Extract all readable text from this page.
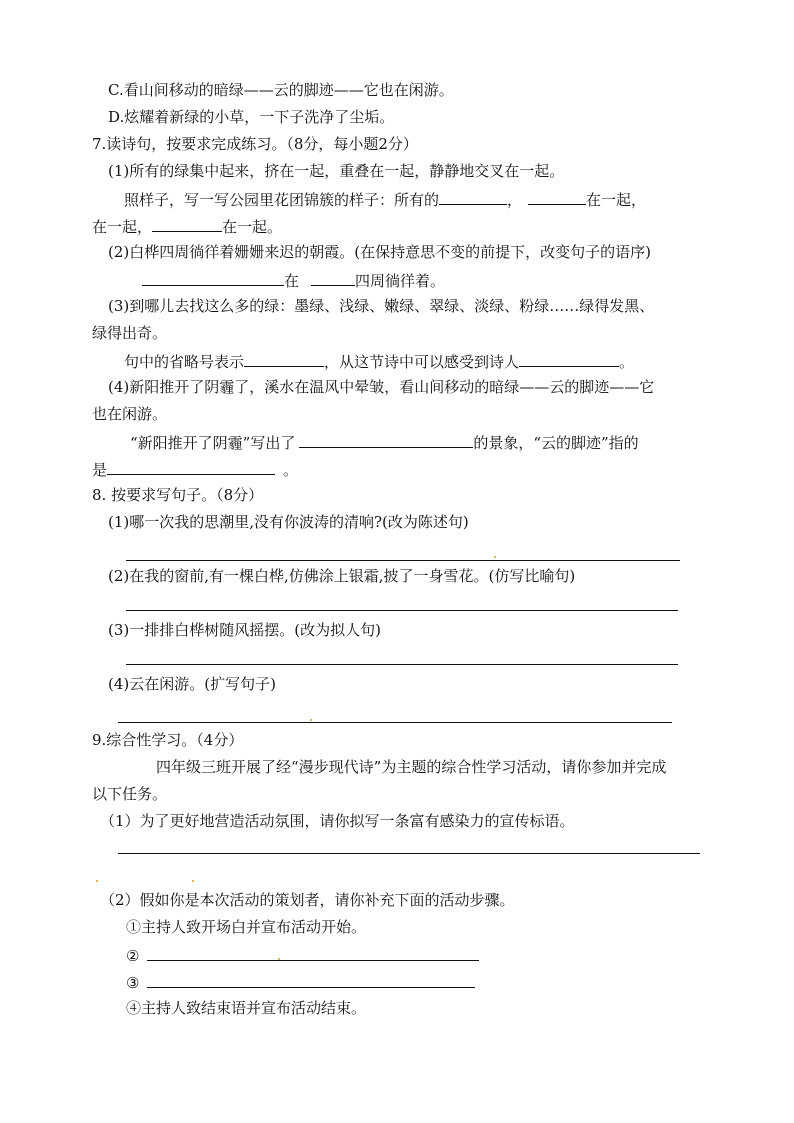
C.看山间移动的暗绿——云的脚迹——它也在闲游。
D.炫耀着新绿的小草，一下子洗净了尘垢。
7.读诗句，按要求完成练习。（8分，每小题2分）
(1)所有的绿集中起来，挤在一起，重叠在一起，静静地交叉在一起。
照样子，写一写公园里花团锦簇的样子：所有的	，	在一起，
在一起，	在一起。
(2)白桦四周徜徉着姗姗来迟的朝霞。(在保持意思不变的前提下，改变句子的语序)
在	四周徜徉着。
(3)到哪儿去找这么多的绿：墨绿、浅绿、嫩绿、翠绿、淡绿、粉绿……绿得发黑、
绿得出奇。
句中的省略号表示	，从这节诗中可以感受到诗人	。
(4)新阳推开了阴霾了，溪水在温风中晕皱，看山间移动的暗绿——云的脚迹——它
也在闲游。
“新阳推开了阴霾”写出了	的景象，“云的脚迹”指的
是	。
8. 按要求写句子。（8分）
(1)哪一次我的思潮里,没有你波涛的清响?(改为陈述句)
(2)在我的窗前,有一棵白桦,仿佛涂上银霜,披了一身雪花。(仿写比喻句)
(3)一排排白桦树随风摇摆。(改为拟人句)
(4)云在闲游。(扩写句子)
9.综合性学习。（4分）
四年级三班开展了经“漫步现代诗”为主题的综合性学习活动，请你参加并完成
以下任务。
（1）为了更好地营造活动氛围，请你拟写一条富有感染力的宣传标语。
（2）假如你是本次活动的策划者，请你补充下面的活动步骤。
①主持人致开场白并宣布活动开始。
②
③
④主持人致结束语并宣布活动结束。
